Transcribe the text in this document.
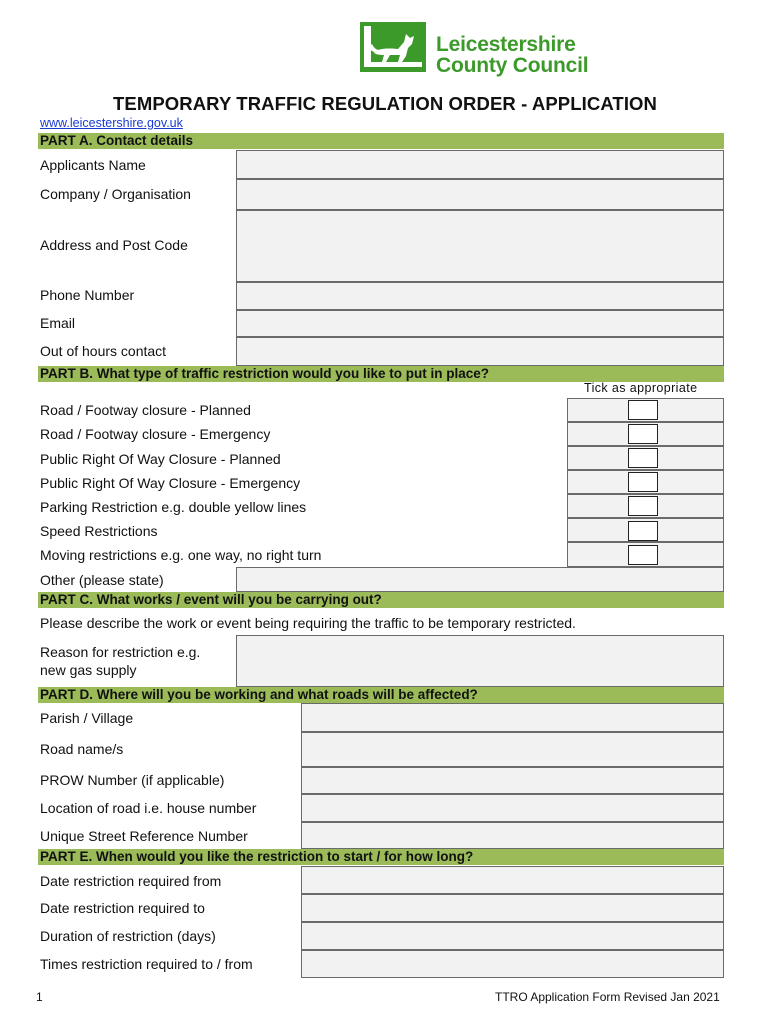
Leicestershire
County Council
TEMPORARY TRAFFIC REGULATION ORDER - APPLICATION
www.leicestershire.gov.uk
PART A. Contact details
Applicants Name
Company / Organisation
Address and Post Code
Phone Number
Email
Out of hours contact
PART B. What type of traffic restriction would you like to put in place?
Tick as appropriate
Road / Footway closure - Planned
Road / Footway closure - Emergency
Public Right Of Way Closure - Planned
Public Right Of Way Closure - Emergency
Parking Restriction e.g. double yellow lines
Speed Restrictions
Moving restrictions e.g. one way, no right turn
Other (please state)
PART C. What works / event will you be carrying out?
Please describe the work or event being requiring the traffic to be temporary restricted.
Reason for restriction e.g.
new gas supply
PART D. Where will you be working and what roads will be affected?
Parish / Village
Road name/s
PROW Number (if applicable)
Location of road i.e. house number
Unique Street Reference Number
PART E. When would you like the restriction to start / for how long?
Date restriction required from
Date restriction required to
Duration of restriction (days)
Times restriction required to / from
1	TTRO Application Form Revised Jan 2021
